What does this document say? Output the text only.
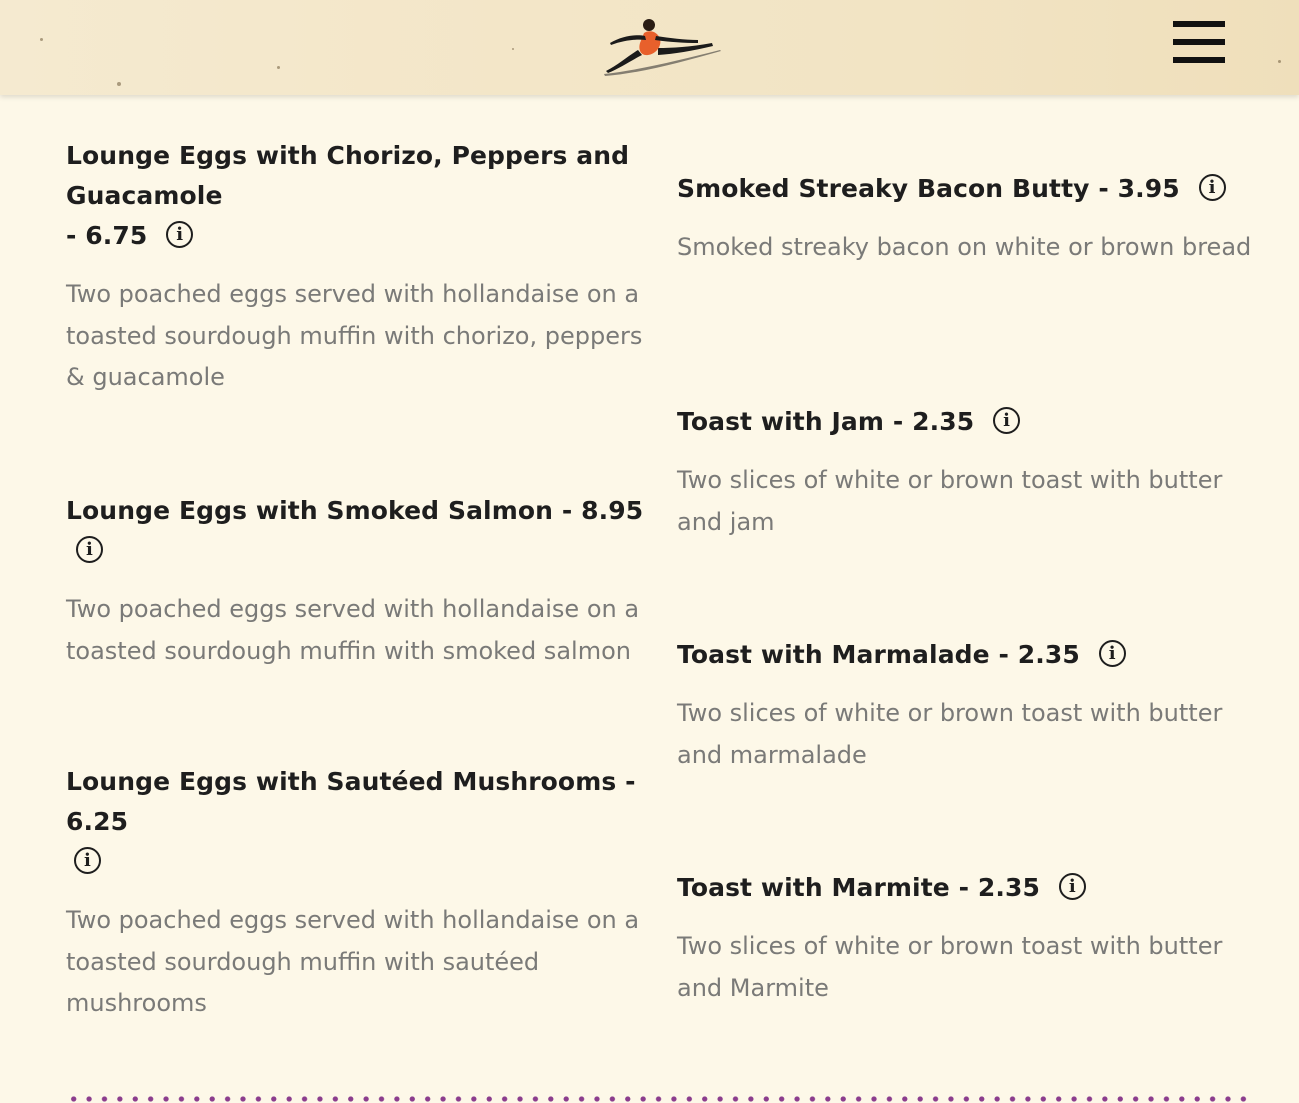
Lounge Eggs with Chorizo, Peppers and Guacamole
- 6.75 i

Two poached eggs served with hollandaise on a toasted sourdough muffin with chorizo, peppers & guacamole

Lounge Eggs with Smoked Salmon - 8.95 i

Two poached eggs served with hollandaise on a toasted sourdough muffin with smoked salmon

Lounge Eggs with Sautéed Mushrooms - 6.25
i

Two poached eggs served with hollandaise on a toasted sourdough muffin with sautéed mushrooms

Smoked Streaky Bacon Butty - 3.95 i

Smoked streaky bacon on white or brown bread

Toast with Jam - 2.35 i

Two slices of white or brown toast with butter and jam

Toast with Marmalade - 2.35 i

Two slices of white or brown toast with butter and marmalade

Toast with Marmite - 2.35 i

Two slices of white or brown toast with butter and Marmite
